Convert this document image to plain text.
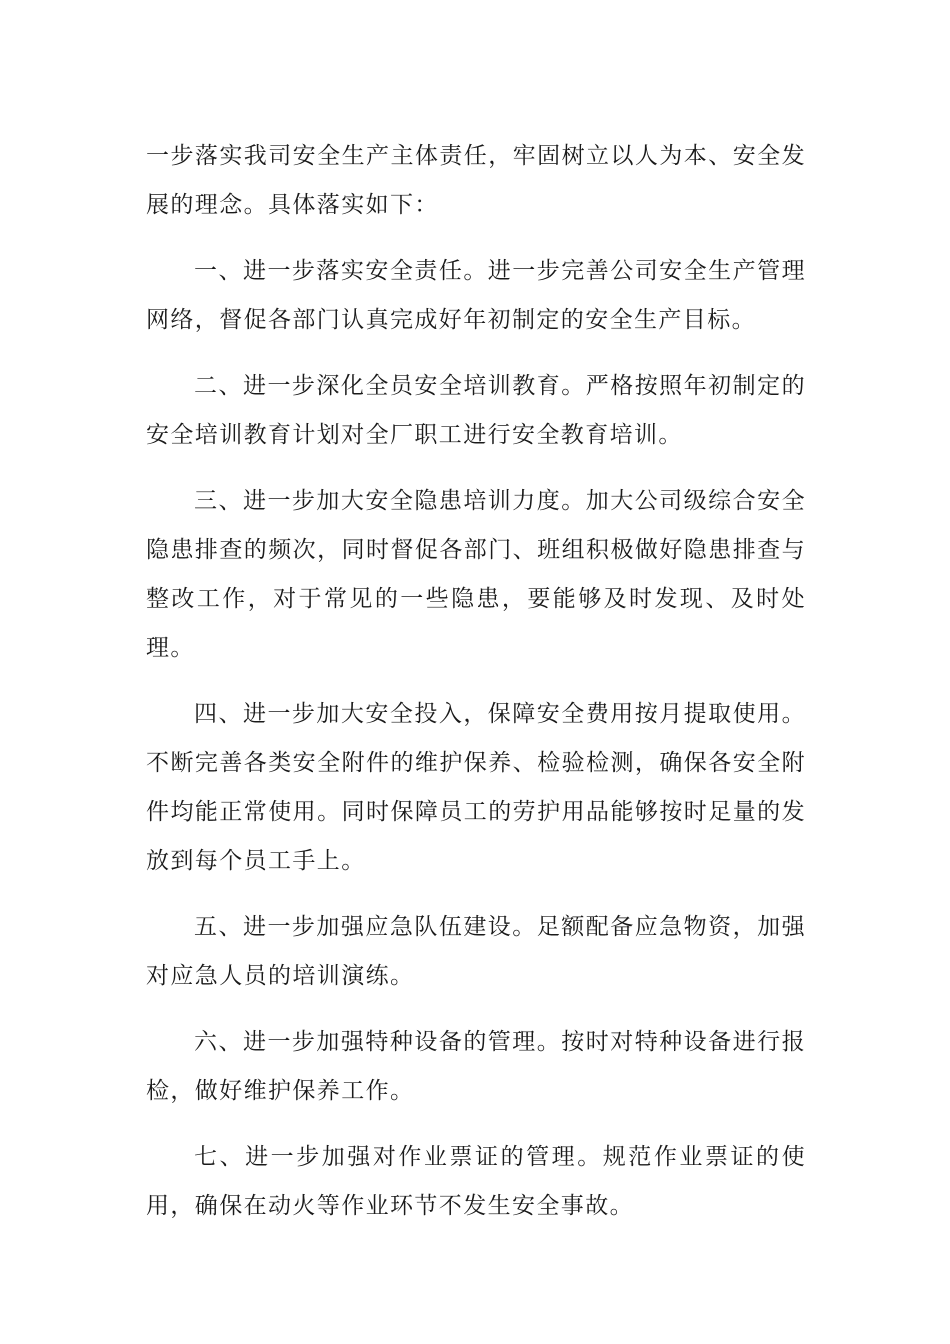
一步落实我司安全生产主体责任，牢固树立以人为本、安全发展的理念。具体落实如下：

一、进一步落实安全责任。进一步完善公司安全生产管理网络，督促各部门认真完成好年初制定的安全生产目标。

二、进一步深化全员安全培训教育。严格按照年初制定的安全培训教育计划对全厂职工进行安全教育培训。

三、进一步加大安全隐患培训力度。加大公司级综合安全隐患排查的频次，同时督促各部门、班组积极做好隐患排查与整改工作，对于常见的一些隐患，要能够及时发现、及时处理。

四、进一步加大安全投入，保障安全费用按月提取使用。不断完善各类安全附件的维护保养、检验检测，确保各安全附件均能正常使用。同时保障员工的劳护用品能够按时足量的发放到每个员工手上。

五、进一步加强应急队伍建设。足额配备应急物资，加强对应急人员的培训演练。

六、进一步加强特种设备的管理。按时对特种设备进行报检，做好维护保养工作。

七、进一步加强对作业票证的管理。规范作业票证的使用，确保在动火等作业环节不发生安全事故。
